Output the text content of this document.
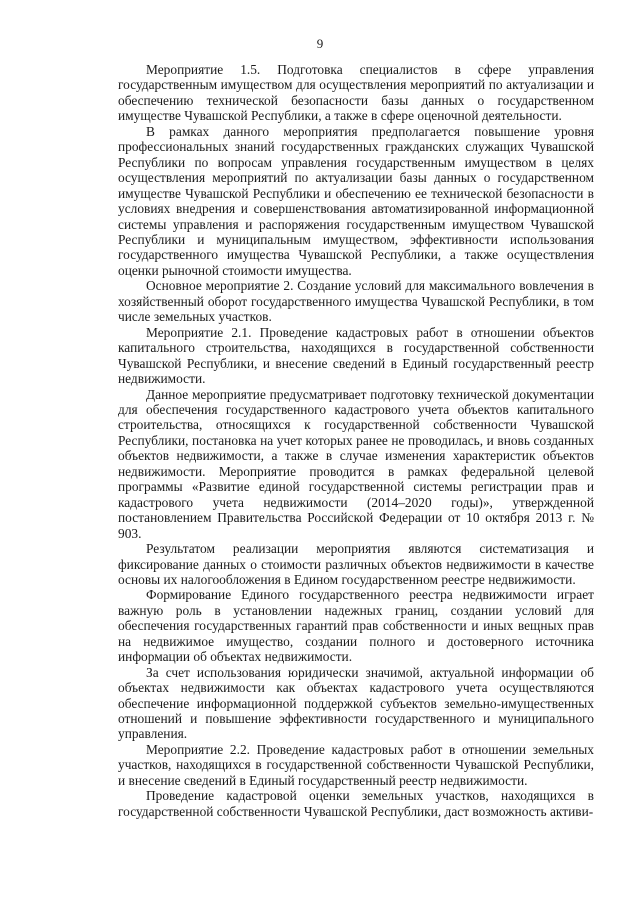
9

Мероприятие 1.5. Подготовка специалистов в сфере управления государственным имуществом для осуществления мероприятий по актуализации и обеспечению технической безопасности базы данных о государственном имуществе Чувашской Республики, а также в сфере оценочной деятельности.

В рамках данного мероприятия предполагается повышение уровня профессиональных знаний государственных гражданских служащих Чувашской Республики по вопросам управления государственным имуществом в целях осуществления мероприятий по актуализации базы данных о государственном имуществе Чувашской Республики и обеспечению ее технической безопасности в условиях внедрения и совершенствования автоматизированной информационной системы управления и распоряжения государственным имуществом Чувашской Республики и муниципальным имуществом, эффективности использования государственного имущества Чувашской Республики, а также осуществления оценки рыночной стоимости имущества.

Основное мероприятие 2. Создание условий для максимального вовлечения в хозяйственный оборот государственного имущества Чувашской Республики, в том числе земельных участков.

Мероприятие 2.1. Проведение кадастровых работ в отношении объектов капитального строительства, находящихся в государственной собственности Чувашской Республики, и внесение сведений в Единый государственный реестр недвижимости.

Данное мероприятие предусматривает подготовку технической документации для обеспечения государственного кадастрового учета объектов капитального строительства, относящихся к государственной собственности Чувашской Республики, постановка на учет которых ранее не проводилась, и вновь созданных объектов недвижимости, а также в случае изменения характеристик объектов недвижимости. Мероприятие проводится в рамках федеральной целевой программы «Развитие единой государственной системы регистрации прав и кадастрового учета недвижимости (2014–2020 годы)», утвержденной постановлением Правительства Российской Федерации от 10 октября 2013 г. № 903.

Результатом реализации мероприятия являются систематизация и фиксирование данных о стоимости различных объектов недвижимости в качестве основы их налогообложения в Едином государственном реестре недвижимости.

Формирование Единого государственного реестра недвижимости играет важную роль в установлении надежных границ, создании условий для обеспечения государственных гарантий прав собственности и иных вещных прав на недвижимое имущество, создании полного и достоверного источника информации об объектах недвижимости.

За счет использования юридически значимой, актуальной информации об объектах недвижимости как объектах кадастрового учета осуществляются обеспечение информационной поддержкой субъектов земельно-имущественных отношений и повышение эффективности государственного и муниципального управления.

Мероприятие 2.2. Проведение кадастровых работ в отношении земельных участков, находящихся в государственной собственности Чувашской Республики, и внесение сведений в Единый государственный реестр недвижимости.

Проведение кадастровой оценки земельных участков, находящихся в государственной собственности Чувашской Республики, даст возможность активи-
